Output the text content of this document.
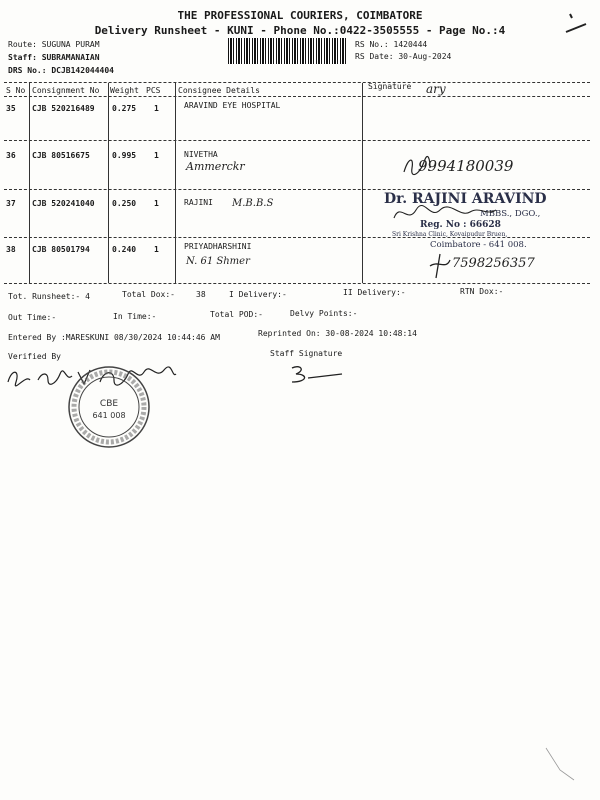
THE PROFESSIONAL COURIERS, COIMBATORE
Delivery Runsheet - KUNI - Phone No.:0422-3505555 - Page No.:4
Route: SUGUNA PURAM
Staff: SUBRAMANAIAN
DRS No.: DCJB142044404
RS No.: 1420444
RS Date: 30-Aug-2024
S No Consignment No Weight PCS Consignee Details	Signature
35 CJB 520216489 0.275 1	ARAVIND EYE HOSPITAL
ary
36 CJB 80516675	0.995 1	NIVETHA
Ammerckr	9994180039
37 CJB 520241040 0.250 1	RAJINI M.B.B.S	Dr. RAJINI ARAVIND
MBBS., DGO.,
Reg. No : 66628
Sri Krishna Clinic, Kovaipudur Bruen,
Coimbatore - 641 008.
38 CJB 80501794	0.240 1	PRIYADHARSHINI
N. 61 Shmer	7598256357
Tot. Runsheet:- 4	Total Dox:-	38	I Delivery:-	II Delivery:-	RTN Dox:-
Out Time:-	In Time:-	Total POD:-	Delvy Points:-
Entered By :MARESKUNI 08/30/2024 10:44:46 AM	Reprinted On: 30-08-2024 10:48:14
Verified By	Staff Signature
CBE
641 008
